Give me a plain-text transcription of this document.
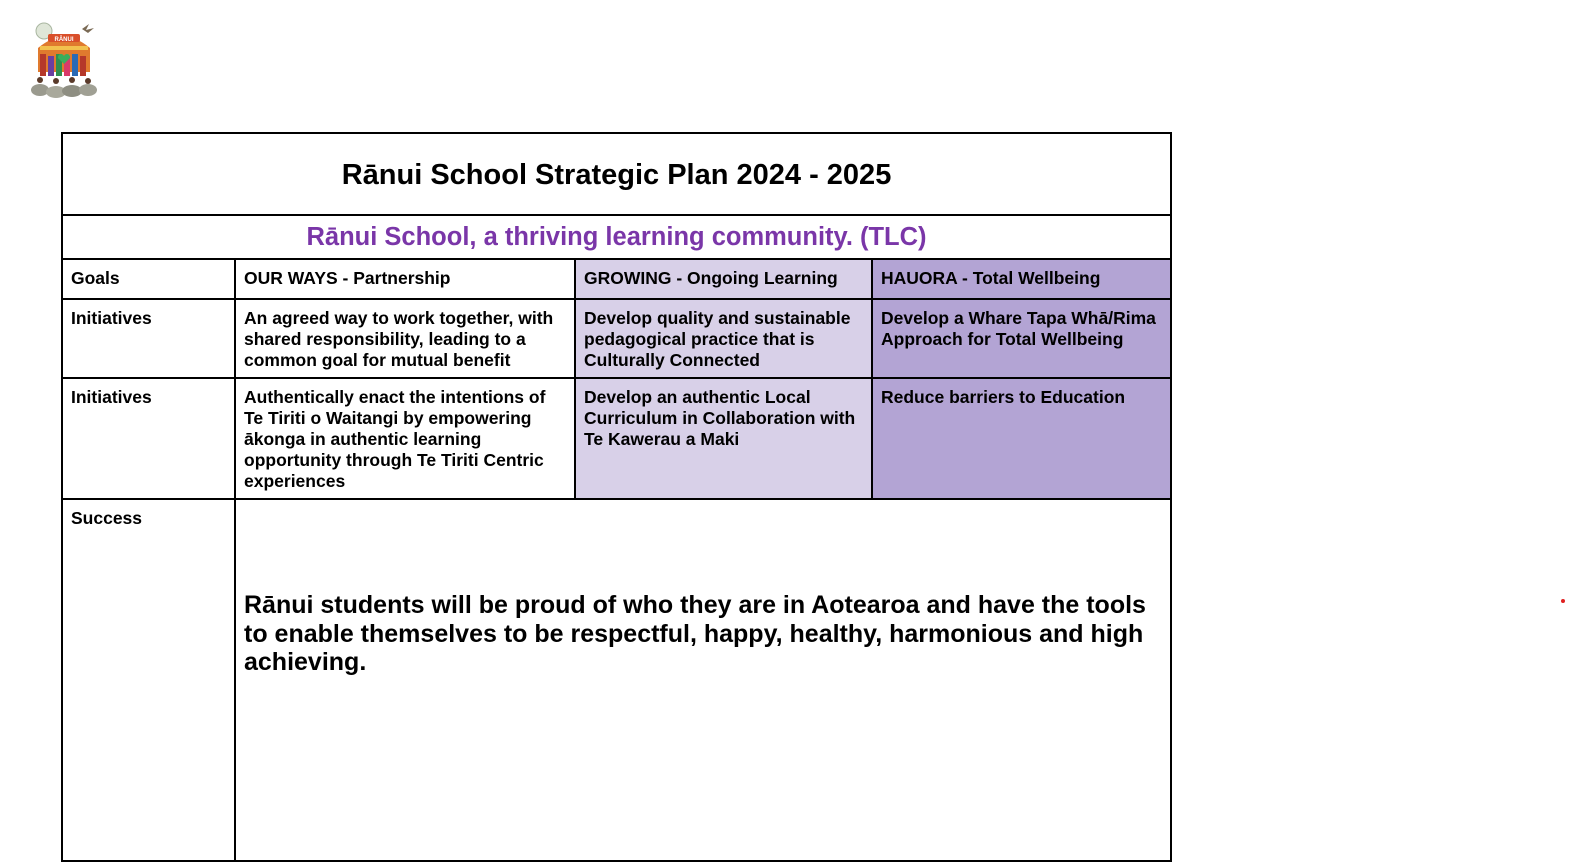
RĀNUI
Rānui School Strategic Plan 2024 - 2025			
Rānui School, a thriving learning community. (TLC)			
Goals	OUR WAYS - Partnership	GROWING - Ongoing Learning	HAUORA - Total Wellbeing
Initiatives	An agreed way to work together, with shared responsibility, leading to a common goal for mutual benefit	Develop quality and sustainable pedagogical practice that is Culturally Connected	Develop a Whare Tapa Whā/Rima Approach for Total Wellbeing
Initiatives	Authentically enact the intentions of Te Tiriti o Waitangi by empowering ākonga in authentic learning opportunity through Te Tiriti Centric experiences	Develop an authentic Local Curriculum in Collaboration with Te Kawerau a Maki	Reduce barriers to Education
Success	Rānui students will be proud of who they are in Aotearoa and have the tools to enable themselves to be respectful, happy, healthy, harmonious and high achieving.		
